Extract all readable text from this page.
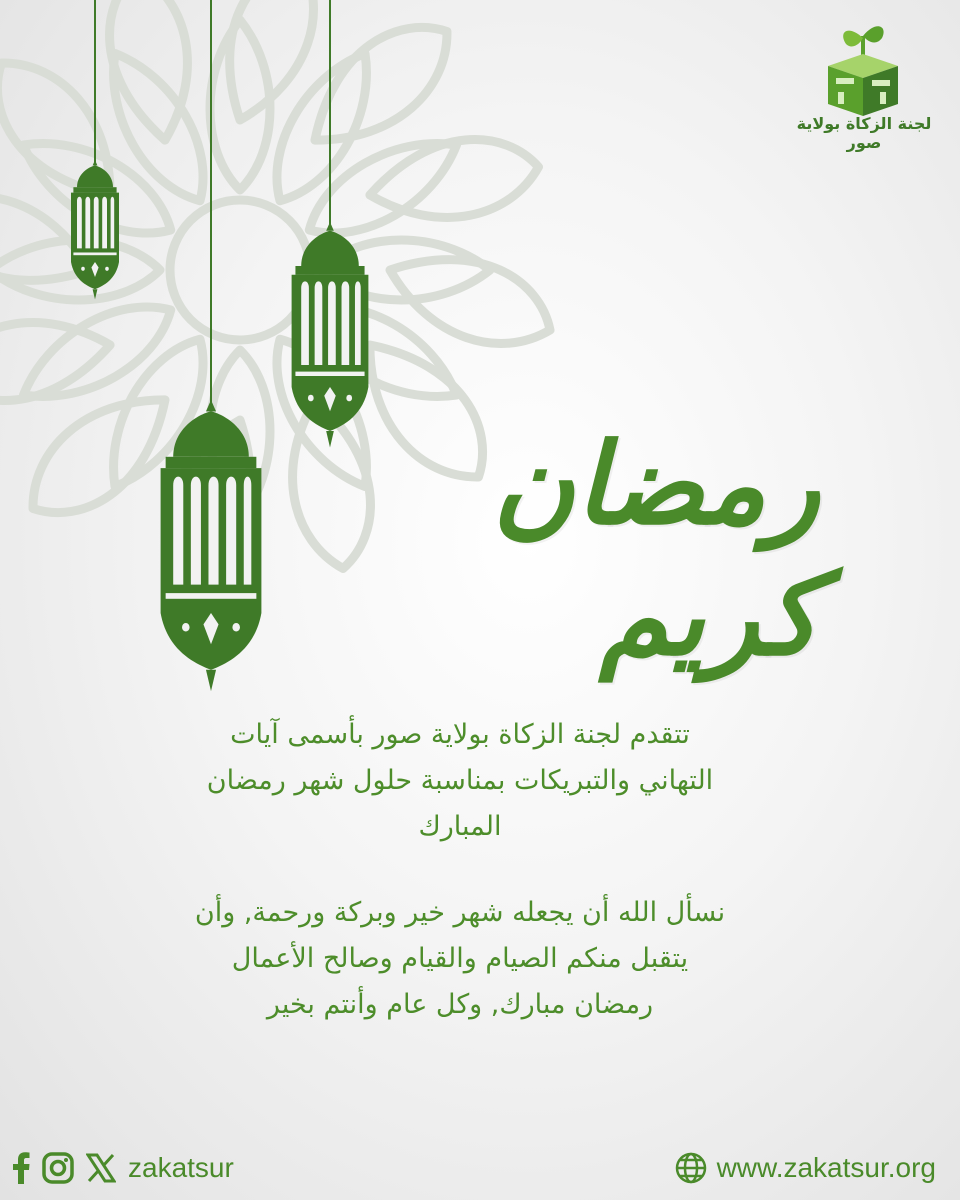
لجنة الزكاة بولاية صور
رمضان كريم
تتقدم لجنة الزكاة بولاية صور بأسمى آيات
التهاني والتبريكات بمناسبة حلول شهر رمضان
المبارك
نسأل الله أن يجعله شهر خير وبركة ورحمة, وأن
يتقبل منكم الصيام والقيام وصالح الأعمال
رمضان مبارك, وكل عام وأنتم بخير
zakatsur	www.zakatsur.org
